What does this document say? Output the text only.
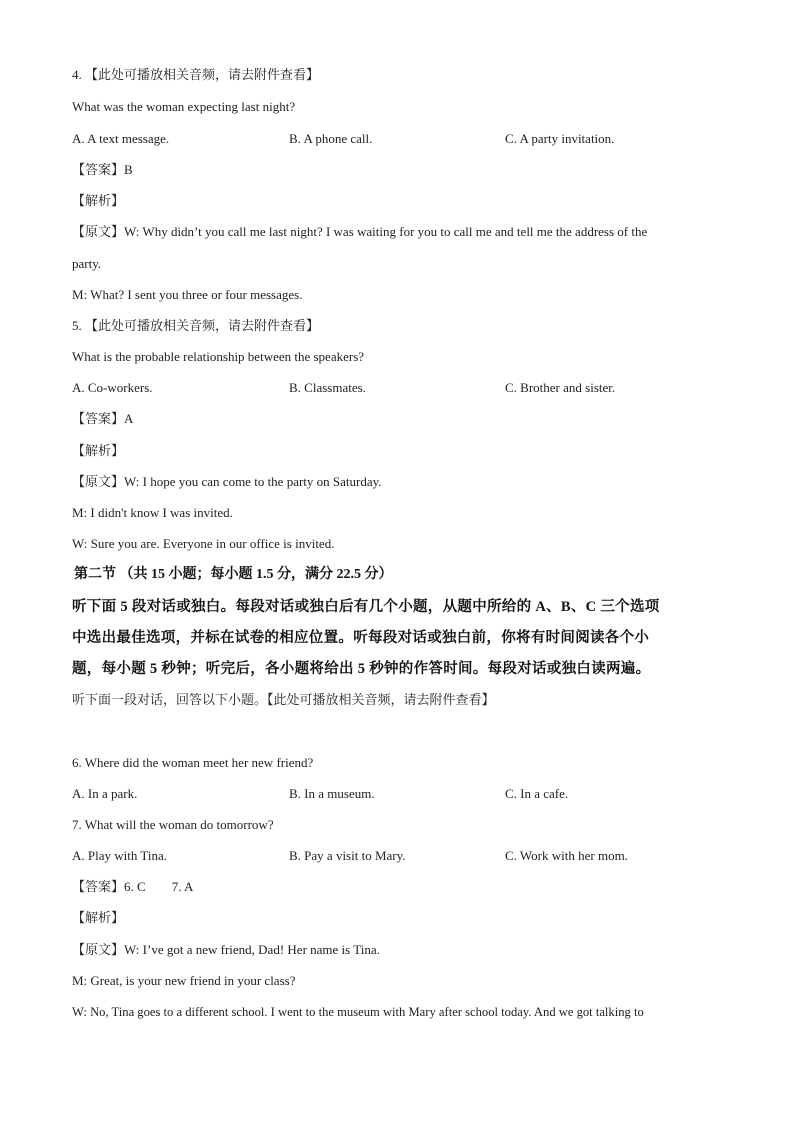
4. 【此处可播放相关音频，请去附件查看】
What was the woman expecting last night?
A. A text message.	B. A phone call.	C. A party invitation.
【答案】B
【解析】
【原文】W: Why didn’t you call me last night? I was waiting for you to call me and tell me the address of the
party.
M: What? I sent you three or four messages.
5. 【此处可播放相关音频，请去附件查看】
What is the probable relationship between the speakers?
A. Co-workers.	B. Classmates.	C. Brother and sister.
【答案】A
【解析】
【原文】W: I hope you can come to the party on Saturday.
M: I didn't know I was invited.
W: Sure you are. Everyone in our office is invited.
第二节 （共 15 小题；每小题 1.5 分，满分 22.5 分）
听下面 5 段对话或独白。每段对话或独白后有几个小题，从题中所给的 A、B、C 三个选项
中选出最佳选项，并标在试卷的相应位置。听每段对话或独白前，你将有时间阅读各个小
题，每小题 5 秒钟；听完后，各小题将给出 5 秒钟的作答时间。每段对话或独白读两遍。
听下面一段对话，回答以下小题。【此处可播放相关音频，请去附件查看】
6. Where did the woman meet her new friend?
A. In a park.	B. In a museum.	C. In a cafe.
7. What will the woman do tomorrow?
A. Play with Tina.	B. Pay a visit to Mary.	C. Work with her mom.
【答案】6. C 7. A
【解析】
【原文】W: I’ve got a new friend, Dad! Her name is Tina.
M: Great, is your new friend in your class?
W: No, Tina goes to a different school. I went to the museum with Mary after school today. And we got talking to
